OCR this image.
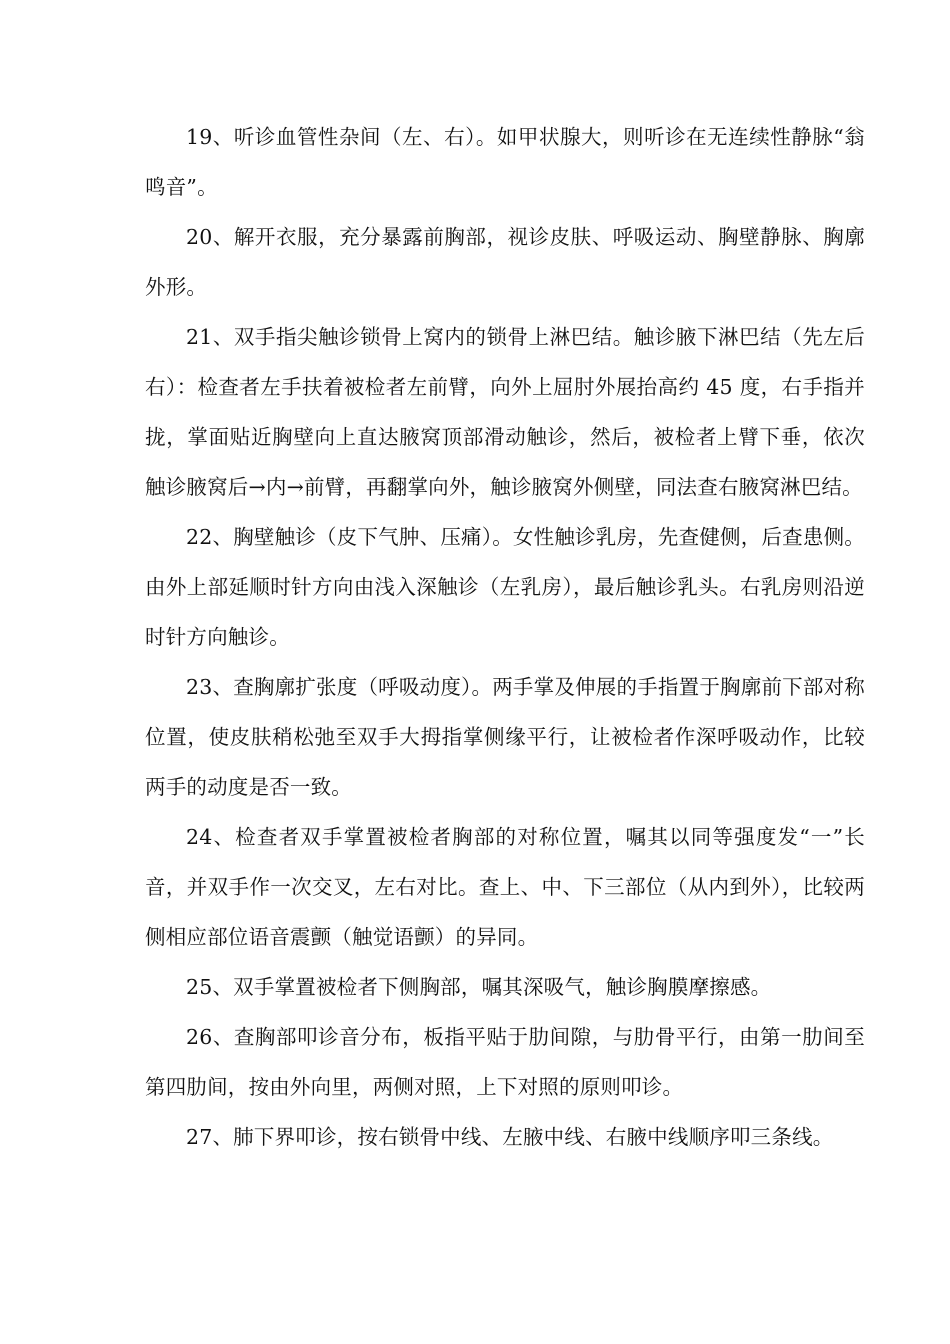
19、听诊血管性杂间（左、右）。如甲状腺大，则听诊在无连续性静脉“翁鸣音”。

20、解开衣服，充分暴露前胸部，视诊皮肤、呼吸运动、胸壁静脉、胸廓外形。

21、双手指尖触诊锁骨上窝内的锁骨上淋巴结。触诊腋下淋巴结（先左后右）：检查者左手扶着被检者左前臂，向外上屈肘外展抬高约 45 度，右手指并拢，掌面贴近胸壁向上直达腋窝顶部滑动触诊，然后，被检者上臂下垂，依次触诊腋窝后→内→前臂，再翻掌向外，触诊腋窝外侧壁，同法查右腋窝淋巴结。

22、胸壁触诊（皮下气肿、压痛）。女性触诊乳房，先查健侧，后查患侧。由外上部延顺时针方向由浅入深触诊（左乳房），最后触诊乳头。右乳房则沿逆时针方向触诊。

23、查胸廓扩张度（呼吸动度）。两手掌及伸展的手指置于胸廓前下部对称位置，使皮肤稍松弛至双手大拇指掌侧缘平行，让被检者作深呼吸动作，比较两手的动度是否一致。

24、检查者双手掌置被检者胸部的对称位置，嘱其以同等强度发“一”长音，并双手作一次交叉，左右对比。查上、中、下三部位（从内到外），比较两侧相应部位语音震颤（触觉语颤）的异同。

25、双手掌置被检者下侧胸部，嘱其深吸气，触诊胸膜摩擦感。

26、查胸部叩诊音分布，板指平贴于肋间隙，与肋骨平行，由第一肋间至第四肋间，按由外向里，两侧对照，上下对照的原则叩诊。

27、肺下界叩诊，按右锁骨中线、左腋中线、右腋中线顺序叩三条线。
